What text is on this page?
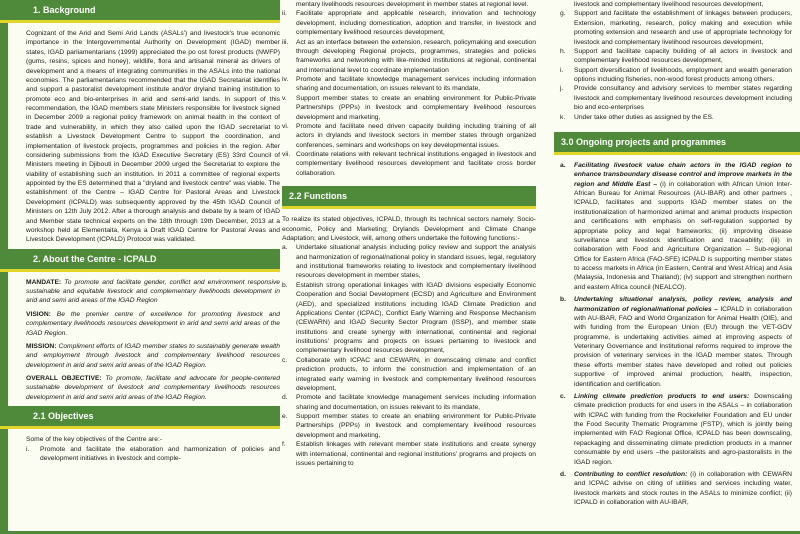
1. Background

Cognizant of the Arid and Semi Arid Lands (ASALs') and livestock's true economic importance in the Intergovernmental Authority on Development (IGAD) member states, IGAD parliamentarians (1999) appreciated the po ost forest products (NWFP) (gums, resins, spices and honey), wildlife, flora and artisanal mineral as drivers of development and a means of integrating communities in the ASALs into the national economies. The parliamentarians recommended that the IGAD Secretariat identifies and support a pastoralist development institute and/or dryland training institution to promote eco and bio-enterprises in arid and semi-arid lands. In support of this recommendation, the IGAD members state Ministers responsible for livestock signed in December 2009 a regional policy framework on animal health in the context of trade and vulnerability, in which they also called upon the IGAD secretariat to establish a Livestock Development Centre to support the coordination, and implementation of livestock projects, programmes and policies in the region. After considering submissions from the IGAD Executive Secretary (ES) 33rd Council of Ministers meeting in Djibouti in December 2009 urged the Secretariat to explore the viability of establishing such an institution. In 2011 a committee of regional experts appointed by the ES determined that a "dryland and livestock centre" was viable. The establishment of the Centre – IGAD Centre for Pastoral Areas and Livestock Development (ICPALD) was subsequently approved by the 45th IGAD Council of Ministers on 12th July 2012. After a thorough analysis and debate by a team of IGAD and Member state technical experts on the 18th through 19th December, 2013 at a workshop held at Elementaita, Kenya a Draft IGAD Centre for Pastoral Areas and Livestock Development (ICPALD) Protocol was validated.

2. About the Centre - ICPALD

MANDATE: To promote and facilitate gender, conflict and environment responsive sustainable and equitable livestock and complementary livelihoods development in arid and semi arid areas of the IGAD Region

VISION: Be the premier centre of excellence for promoting livestock and complementary livelihoods resources development in arid and semi arid areas of the IGAD Region.

MISSION: Compliment efforts of IGAD member states to sustainably generate wealth and employment through livestock and complementary livelihood resources development in arid and semi arid areas of the IGAD Region.

OVERALL OBJECTIVE: To promote, facilitate and advocate for people-centered sustainable development of livestock and complementary livelihoods resources development in arid and semi arid areas of the IGAD Region.

2.1 Objectives

Some of the key objectives of the Centre are:-

i.	Promote and facilitate the elaboration and harmonization of policies and development initiatives in livestock and comple-
mentary livelihoods resources development in member states at regional level.
ii.	Facilitate appropriate and applicable research, innovation and technology development, including domestication, adoption and transfer, in livestock and complementary livelihood resources development,
iii.	Act as an interface between the extension, research, policymaking and execution through developing Regional projects, programmes, strategies and policies frameworks and networking with like-minded institutions at regional, continental and international level to coordinate implementation
iv.	Promote and facilitate knowledge management services including information sharing and documentation, on issues relevant to its mandate,
v.	Support member states to create an enabling environment for Public-Private Partnerships (PPPs) in livestock and complementary livelihood resources development and marketing,
vi.	Promote and facilitate need driven capacity building including training of all actors in drylands and livestock sectors in member states through organized conferences, seminars and workshops on key developmental issues.
vii. Coordinate relations with relevant technical institutions engaged in livestock and complementary livelihood resources development and facilitate cross border collaboration.
2.2 Functions

To realize its stated objectives, ICPALD, through its technical sectors namely: Socio-economic, Policy and Marketing; Drylands Development and Climate Change Adaptation; and Livestock, will, among others undertake the following functions:-

a.	Undertake situational analysis including policy review and support the analysis and harmonization of regional/national policy in standard issues, legal, regulatory and institutional frameworks relating to livestock and complementary livelihood resources development in member states,
b.	Establish strong operational linkages with IGAD divisions especially Economic Cooperation and Social Development (ECSD) and Agriculture and Environment (AED), and specialized institutions including IGAD Climate Prediction and Applications Center (ICPAC), Conflict Early Warning and Response Mechanism (CEWARN) and IGAD Security Sector Program (ISSP), and member state institutions and create synergy with international, continental and regional institutions' programs and projects on issues pertaining to livestock and complementary livelihood resources development,
c.	Collaborate with ICPAC and CEWARN, in downscaling climate and conflict prediction products, to inform the construction and implementation of an integrated early warning in livestock and complementary livelihood resources development,
d.	Promote and facilitate knowledge management services including information sharing and documentation, on issues relevant to its mandate,
e.	Support member states to create an enabling environment for Public-Private Partnerships (PPPs) in livestock and complementary livelihood resources development and marketing,
f.	Establish linkages with relevant member state institutions and create synergy with international, continental and regional institutions' programs and projects on issues pertaining to
livestock and complementary livelihood resources development,
g.	Support and facilitate the establishment of linkages between producers, Extension, marketing, research, policy making and execution while promoting extension and research and use of appropriate technology for livestock and complementary livelihood resources development,
h.	Support and facilitate capacity building of all actors in livestock and complementary livelihood resources development,
i.	Support diversification of livelihoods, employment and wealth generation options including fisheries, non-wood forest products among others.
j.	Provide consultancy and advisory services to member states regarding livestock and complementary livelihood resources development including bio and eco-enterprises
k.	Under take other duties as assigned by the ES.
3.0 Ongoing projects and programmes
a.	Facilitating livestock value chain actors in the IGAD region to enhance transboundary disease control and improve markets in the region and Middle East – (i) in collaboration with African Union Inter-African Bureau for Animal Resources (AU-IBAR) and other partners , ICPALD, facilitates and supports IGAD member states on the institutionalization of harmonized animal and animal products inspection and certifications with emphasis on self-regulation supported by appropriate policy and legal frameworks; (ii) improving disease surveillance and livestock identification and traceability; (iii) in collaboration with Food and Agriculture Organization – Sub-regional Office for Eastern Africa (FAO-SFE) ICPALD is supporting member states to access markets in Africa (in Eastern, Central and West Africa) and Asia (Malaysia, Indonesia and Thailand); (iv) support and strengthen northern and eastern Africa council (NEALCO).
b.	Undertaking situational analysis, policy review, analysis and harmonization of regional/national policies – ICPALD in collaboration with AU-IBAR, FAO and World Organization for Animal Health (OIE), and with funding from the European Union (EU) through the VET-GOV programme, is undertaking activities aimed at improving aspects of Veterinary Governance and Institutional reforms required to improve the provision of veterinary services in the IGAD member states. Through these efforts member states have developed and rolled out policies supportive of improved animal production, health, inspection, identification and certification.
c.	Linking climate prediction products to end users: Downscaling climate prediction products for end users in the ASALs – in collaboration with ICPAC with funding from the Rockefeller Foundation and EU under the Food Security Thematic Programme (FSTP), which is jointly being implemented with FAO Regional Office, ICPALD has been downscaling, repackaging and disseminating climate prediction products in a manner consumable by end users –the pastoralists and agro-pastoralists in the IGAD region.
d.	Contributing to conflict resolution: (i) in collaboration with CEWARN and ICPAC advise on citing of utilities and services including water, livestock markets and stock routes in the ASALs to minimize conflict; (ii) ICPALD in collaboration with AU-IBAR,
